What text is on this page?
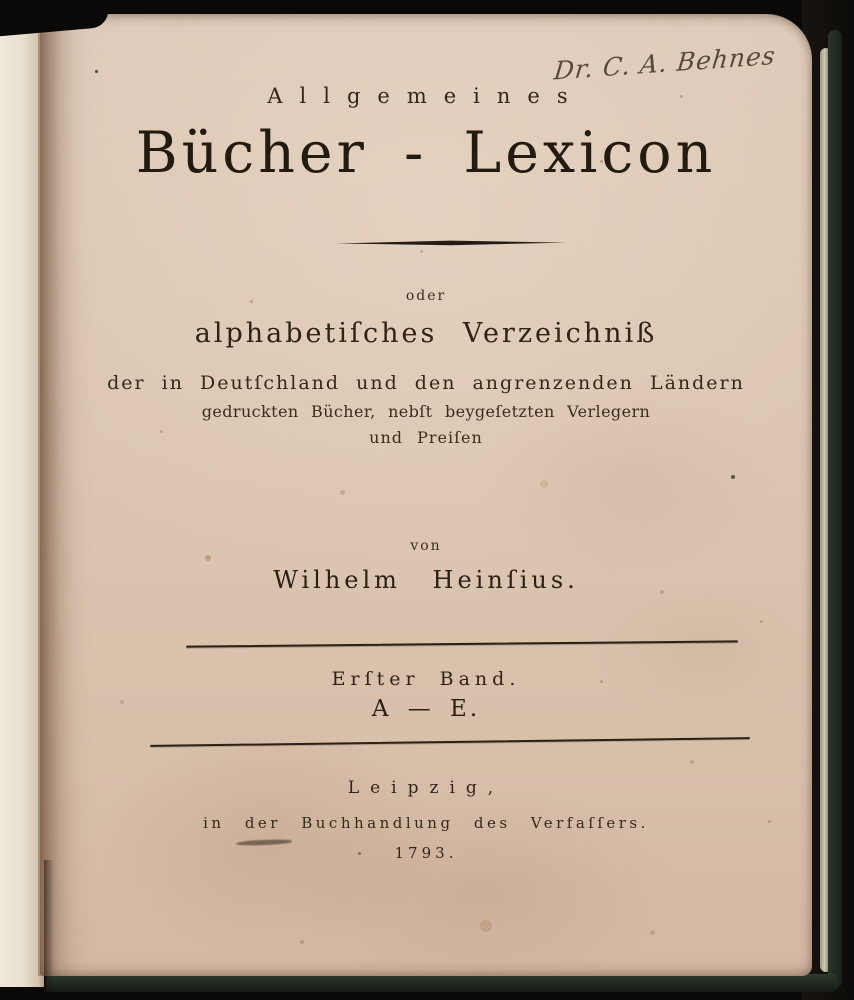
Dr. C. A. Behnes
Allgemeines
Bücher - Lexicon
oder
alphabetiſches Verzeichniß
der in Deutſchland und den angrenzenden Ländern
gedruckten Bücher, nebſt beygeſetzten Verlegern
und Preiſen
von
Wilhelm Heinſius.
Erſter Band.
A — E.
Leipzig,
in der Buchhandlung des Verfaſſers.
1793.
